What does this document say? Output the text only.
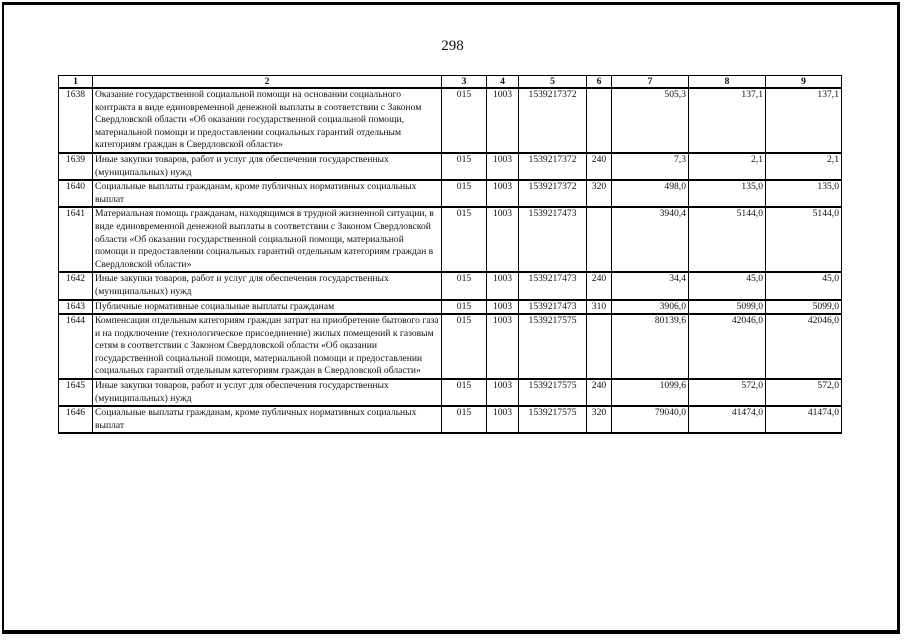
298
1	2	3	4	5	6	7	8	9
1638	Оказание государственной социальной помощи на основании социального контракта в виде единовременной денежной выплаты в соответствии с Законом Свердловской области «Об оказании государственной социальной помощи, материальной помощи и предоставлении социальных гарантий отдельным категориям граждан в Свердловской области»	015	1003	1539217372		505,3	137,1	137,1
1639	Иные закупки товаров, работ и услуг для обеспечения государственных (муниципальных) нужд	015	1003	1539217372	240	7,3	2,1	2,1
1640	Социальные выплаты гражданам, кроме публичных нормативных социальных выплат	015	1003	1539217372	320	498,0	135,0	135,0
1641	Материальная помощь гражданам, находящимся в трудной жизненной ситуации, в виде единовременной денежной выплаты в соответствии с Законом Свердловской области «Об оказании государственной социальной помощи, материальной помощи и предоставлении социальных гарантий отдельным категориям граждан в Свердловской области»	015	1003	1539217473		3940,4	5144,0	5144,0
1642	Иные закупки товаров, работ и услуг для обеспечения государственных (муниципальных) нужд	015	1003	1539217473	240	34,4	45,0	45,0
1643	Публичные нормативные социальные выплаты гражданам	015	1003	1539217473	310	3906,0	5099,0	5099,0
1644	Компенсация отдельным категориям граждан затрат на приобретение бытового газа и на подключение (технологическое присоединение) жилых помещений к газовым сетям в соответствии с Законом Свердловской области «Об оказании государственной социальной помощи, материальной помощи и предоставлении социальных гарантий отдельным категориям граждан в Свердловской области»	015	1003	1539217575		80139,6	42046,0	42046,0
1645	Иные закупки товаров, работ и услуг для обеспечения государственных (муниципальных) нужд	015	1003	1539217575	240	1099,6	572,0	572,0
1646	Социальные выплаты гражданам, кроме публичных нормативных социальных выплат	015	1003	1539217575	320	79040,0	41474,0	41474,0
